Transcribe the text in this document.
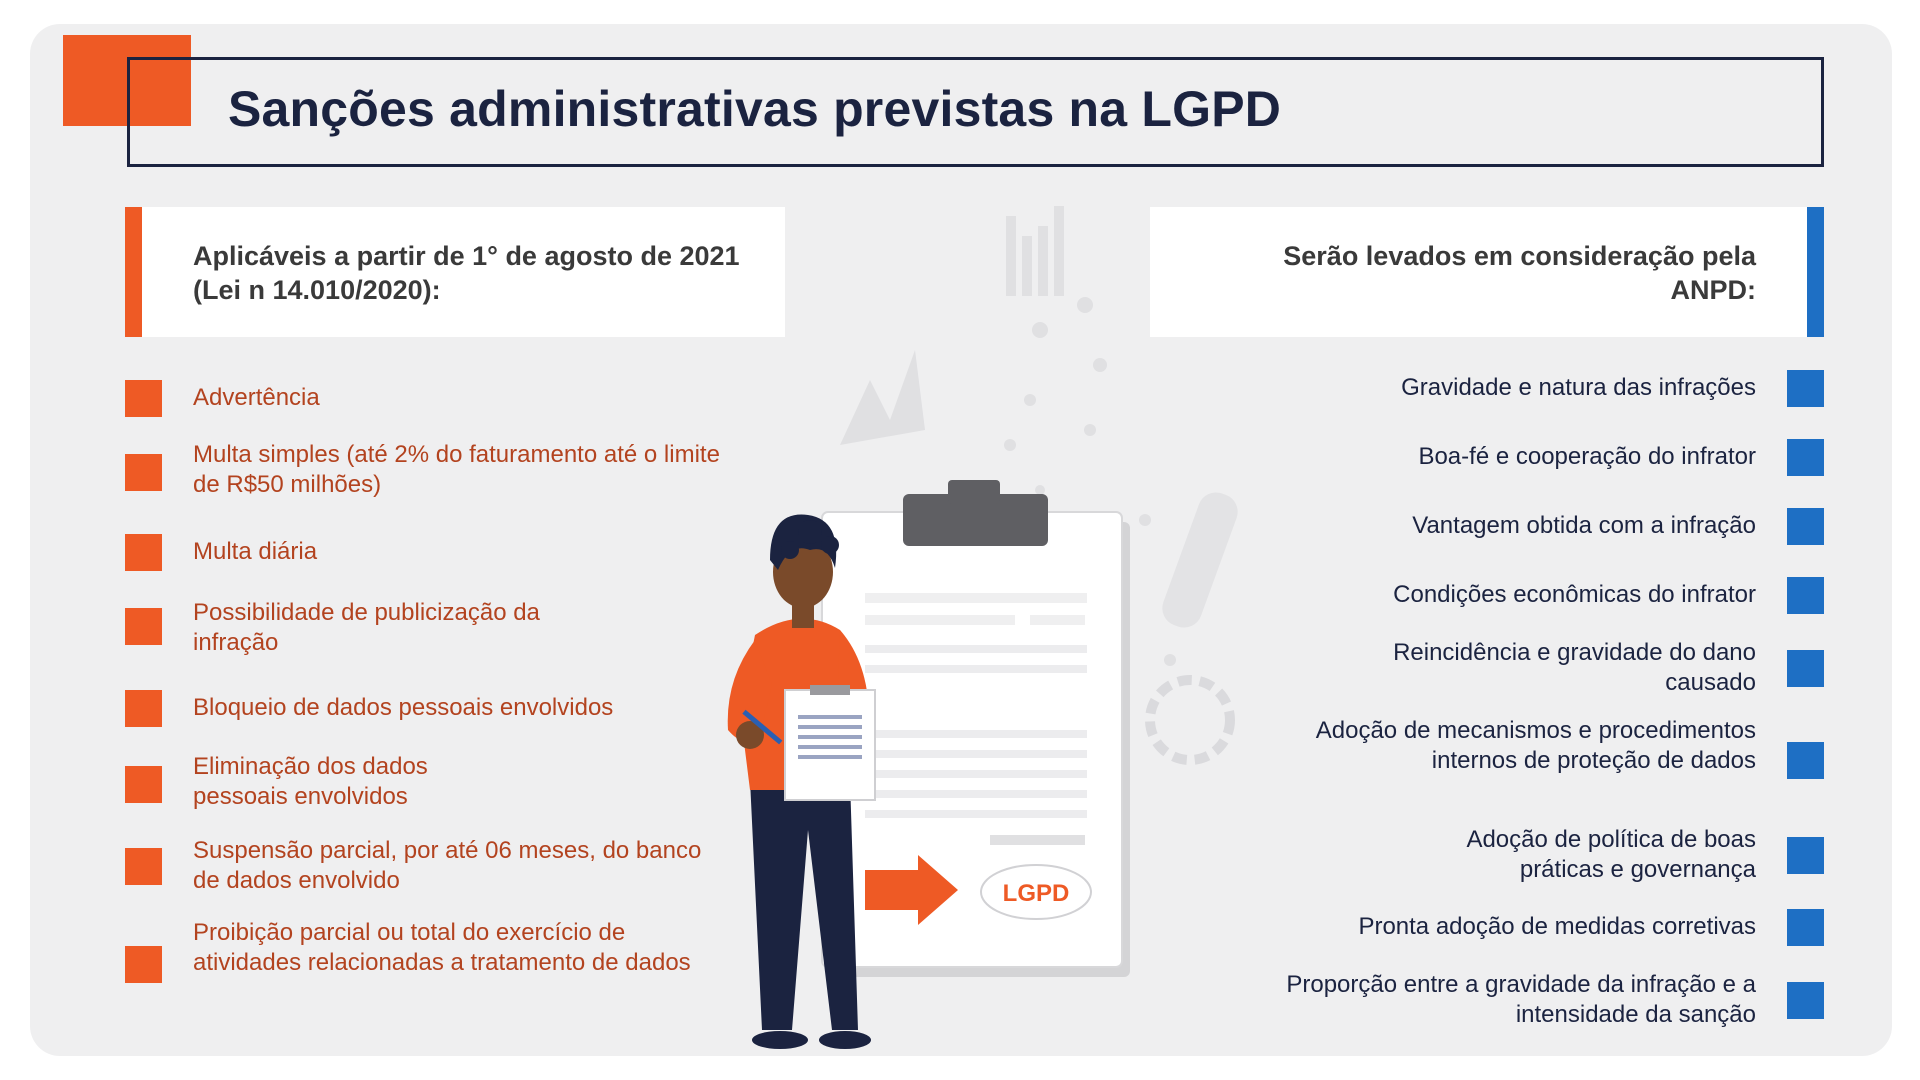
Sanções administrativas previstas na LGPD
Aplicáveis a partir de 1° de agosto de 2021 (Lei n 14.010/2020):
Serão levados em consideração pela ANPD:
Advertência
Multa simples (até 2% do faturamento até o limite de R$50 milhões)
Multa diária
Possibilidade de publicização da infração
Bloqueio de dados pessoais envolvidos
Eliminação dos dados pessoais envolvidos
Suspensão parcial, por até 06 meses, do banco de dados envolvido
Proibição parcial ou total do exercício de atividades relacionadas a tratamento de dados
Gravidade e natura das infrações
Boa-fé e cooperação do infrator
Vantagem obtida com a infração
Condições econômicas do infrator
Reincidência e gravidade do dano causado
Adoção de mecanismos e procedimentos internos de proteção de dados
Adoção de política de boas práticas e governança
Pronta adoção de medidas corretivas
Proporção entre a gravidade da infração e a intensidade da sanção
LGPD
